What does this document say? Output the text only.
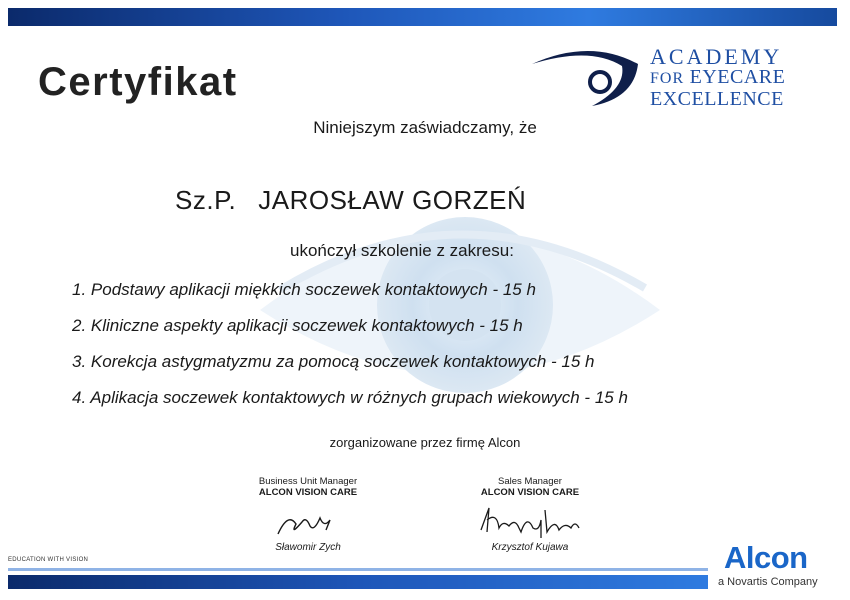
Certyfikat
ACADEMY
FOR EYECARE
EXCELLENCE
Niniejszym zaświadczamy, że
Sz.P. JAROSŁAW GORZEŃ
ukończył szkolenie z zakresu:
1. Podstawy aplikacji miękkich soczewek kontaktowych - 15 h
2. Kliniczne aspekty aplikacji soczewek kontaktowych - 15 h
3. Korekcja astygmatyzmu za pomocą soczewek kontaktowych - 15 h
4. Aplikacja soczewek kontaktowych w różnych grupach wiekowych - 15 h
zorganizowane przez firmę Alcon
Business Unit Manager
ALCON VISION CARE
Sławomir Zych
Sales Manager
ALCON VISION CARE
Krzysztof Kujawa
EDUCATION WITH VISION	Alcon
a Novartis Company
